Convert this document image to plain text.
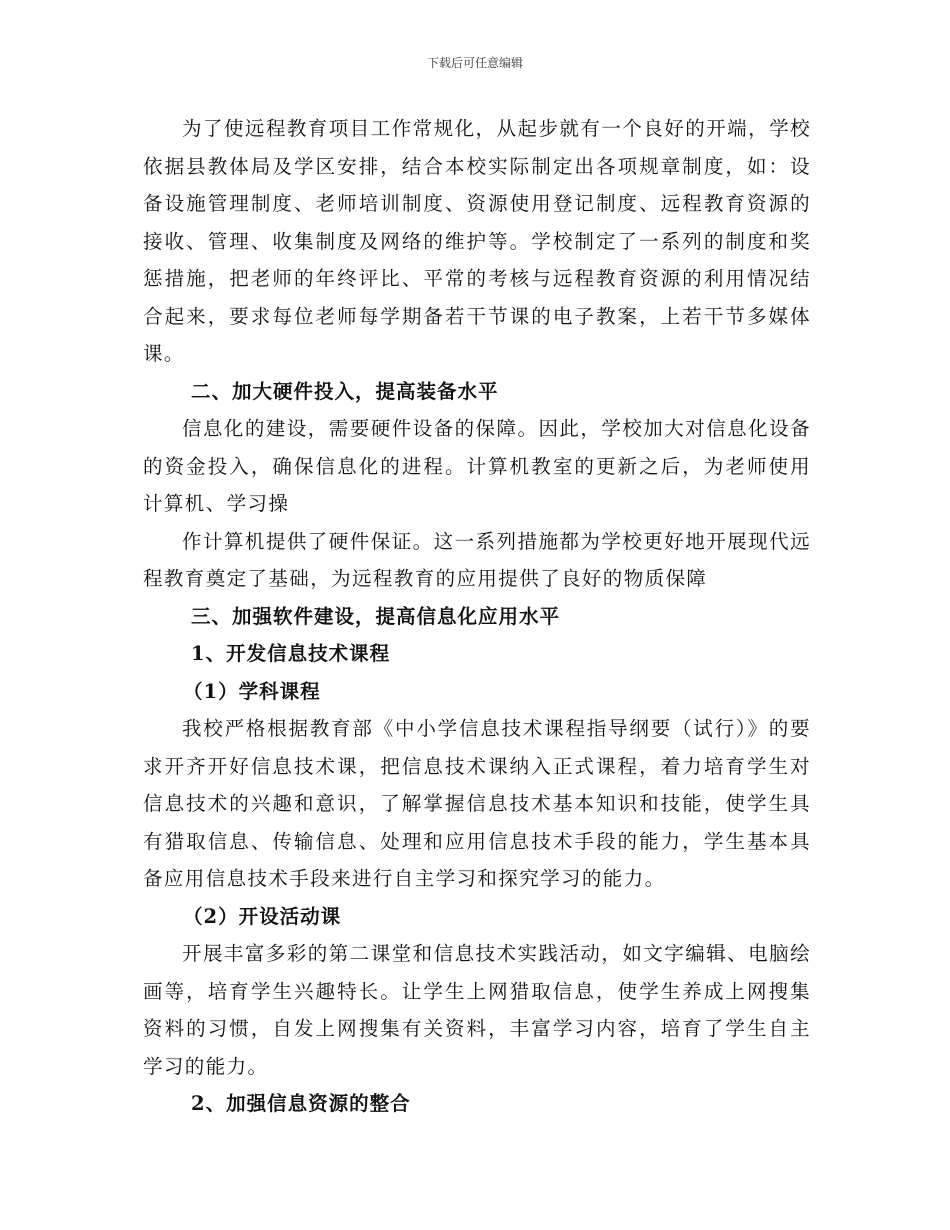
下载后可任意编辑

为了使远程教育项目工作常规化，从起步就有一个良好的开端，学校依据县教体局及学区安排，结合本校实际制定出各项规章制度，如：设备设施管理制度、老师培训制度、资源使用登记制度、远程教育资源的接收、管理、收集制度及网络的维护等。学校制定了一系列的制度和奖惩措施，把老师的年终评比、平常的考核与远程教育资源的利用情况结合起来，要求每位老师每学期备若干节课的电子教案，上若干节多媒体课。

二、加大硬件投入，提高装备水平

信息化的建设，需要硬件设备的保障。因此，学校加大对信息化设备的资金投入，确保信息化的进程。计算机教室的更新之后，为老师使用计算机、学习操

作计算机提供了硬件保证。这一系列措施都为学校更好地开展现代远程教育奠定了基础，为远程教育的应用提供了良好的物质保障

三、加强软件建设，提高信息化应用水平

1、开发信息技术课程

（1）学科课程

我校严格根据教育部《中小学信息技术课程指导纲要（试行）》的要求开齐开好信息技术课，把信息技术课纳入正式课程，着力培育学生对信息技术的兴趣和意识，了解掌握信息技术基本知识和技能，使学生具有猎取信息、传输信息、处理和应用信息技术手段的能力，学生基本具备应用信息技术手段来进行自主学习和探究学习的能力。

（2）开设活动课

开展丰富多彩的第二课堂和信息技术实践活动，如文字编辑、电脑绘画等，培育学生兴趣特长。让学生上网猎取信息，使学生养成上网搜集资料的习惯，自发上网搜集有关资料，丰富学习内容，培育了学生自主学习的能力。

2、加强信息资源的整合
